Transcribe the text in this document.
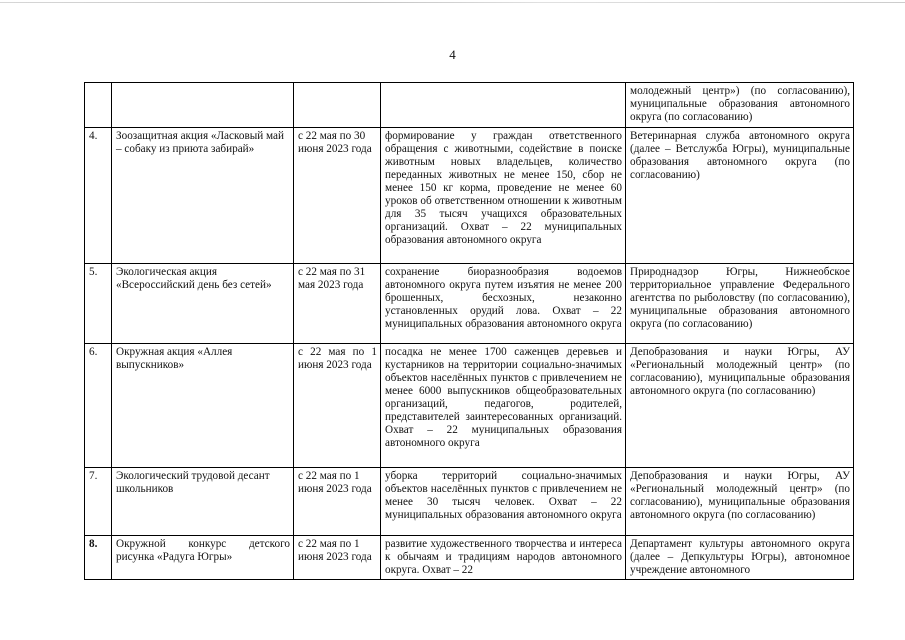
4
				молодежный центр») (по согласованию), муниципальные образования автономного округа (по согласованию)
4.	Зоозащитная акция «Ласковый май – собаку из приюта забирай»	с 22 мая по 30 июня 2023 года	формирование у граждан ответственного обращения с животными, содействие в поиске животным новых владельцев, количество переданных животных не менее 150, сбор не менее 150 кг корма, проведение не менее 60 уроков об ответственном отношении к животным для 35 тысяч учащихся образовательных организаций. Охват – 22 муниципальных образования автономного округа	Ветеринарная служба автономного округа (далее – Ветслужба Югры), муниципальные образования автономного округа (по согласованию)
5.	Экологическая акция «Всероссийский день без сетей»	с 22 мая по 31 мая 2023 года	сохранение биоразнообразия водоемов автономного округа путем изъятия не менее 200 брошенных, бесхозных, незаконно установленных орудий лова. Охват – 22 муниципальных образования автономного округа	Природнадзор Югры, Нижнеобское территориальное управление Федерального агентства по рыболовству (по согласованию), муниципальные образования автономного округа (по согласованию)
6.	Окружная акция «Аллея выпускников»	с 22 мая по 1 июня 2023 года	посадка не менее 1700 саженцев деревьев и кустарников на территории социально-значимых объектов населённых пунктов с привлечением не менее 6000 выпускников общеобразовательных организаций, педагогов, родителей, представителей заинтересованных организаций. Охват – 22 муниципальных образования автономного округа	Депобразования и науки Югры, АУ «Региональный молодежный центр» (по согласованию), муниципальные образования автономного округа (по согласованию)
7.	Экологический трудовой десант школьников	с 22 мая по 1 июня 2023 года	уборка территорий социально-значимых объектов населённых пунктов с привлечением не менее 30 тысяч человек. Охват – 22 муниципальных образования автономного округа	Депобразования и науки Югры, АУ «Региональный молодежный центр» (по согласованию), муниципальные образования автономного округа (по согласованию)
8.	Окружной конкурс детского рисунка «Радуга Югры»	с 22 мая по 1 июня 2023 года	развитие художественного творчества и интереса к обычаям и традициям народов автономного округа. Охват – 22	Департамент культуры автономного округа (далее – Депкультуры Югры), автономное учреждение автономного
